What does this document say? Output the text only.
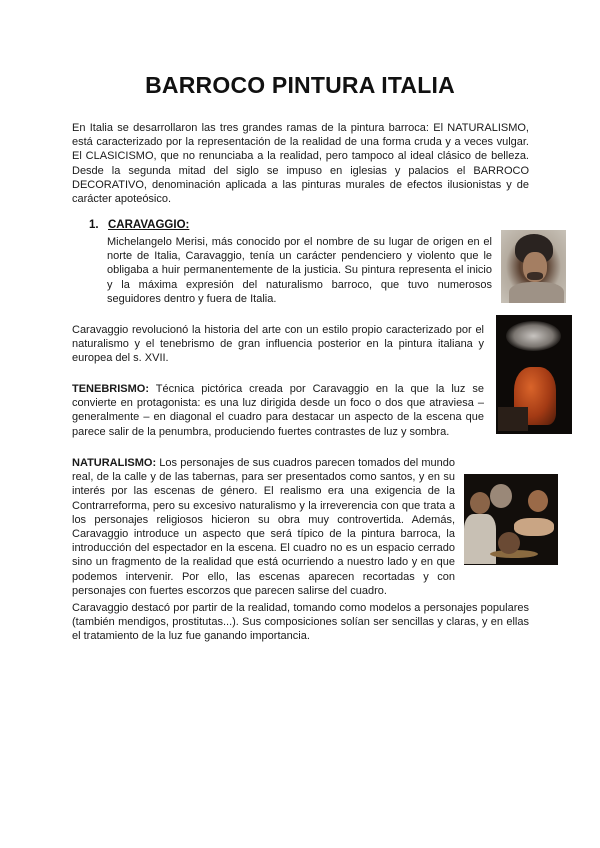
BARROCO PINTURA ITALIA

En Italia se desarrollaron las tres grandes ramas de la pintura barroca: El NATURALISMO, está caracterizado por la representación de la realidad de una forma cruda y a veces vulgar. El CLASICISMO, que no renunciaba a la realidad, pero tampoco al ideal clásico de belleza. Desde la segunda mitad del siglo se impuso en iglesias y palacios el BARROCO DECORATIVO, denominación aplicada a las pinturas murales de efectos ilusionistas y de carácter apoteósico.

1. CARAVAGGIO:

Michelangelo Merisi, más conocido por el nombre de su lugar de origen en el norte de Italia, Caravaggio, tenía un carácter pendenciero y violento que le obligaba a huir permanentemente de la justicia. Su pintura representa el inicio y la máxima expresión del naturalismo barroco, que tuvo numerosos seguidores dentro y fuera de Italia.

Caravaggio revolucionó la historia del arte con un estilo propio caracterizado por el naturalismo y el tenebrismo de gran influencia posterior en la pintura italiana y europea del s. XVII.

TENEBRISMO: Técnica pictórica creada por Caravaggio en la que la luz se convierte en protagonista: es una luz dirigida desde un foco o dos que atraviesa – generalmente – en diagonal el cuadro para destacar un aspecto de la escena que parece salir de la penumbra, produciendo fuertes contrastes de luz y sombra.

NATURALISMO: Los personajes de sus cuadros parecen tomados del mundo real, de la calle y de las tabernas, para ser presentados como santos, y en su interés por las escenas de género. El realismo era una exigencia de la Contrarreforma, pero su excesivo naturalismo y la irreverencia con que trata a los personajes religiosos hicieron su obra muy controvertida. Además, Caravaggio introduce un aspecto que será típico de la pintura barroca, la introducción del espectador en la escena. El cuadro no es un espacio cerrado sino un fragmento de la realidad que está ocurriendo a nuestro lado y en que podemos intervenir. Por ello, las escenas aparecen recortadas y con personajes con fuertes escorzos que parecen salirse del cuadro.

Caravaggio destacó por partir de la realidad, tomando como modelos a personajes populares (también mendigos, prostitutas...). Sus composiciones solían ser sencillas y claras, y en ellas el tratamiento de la luz fue ganando importancia.
